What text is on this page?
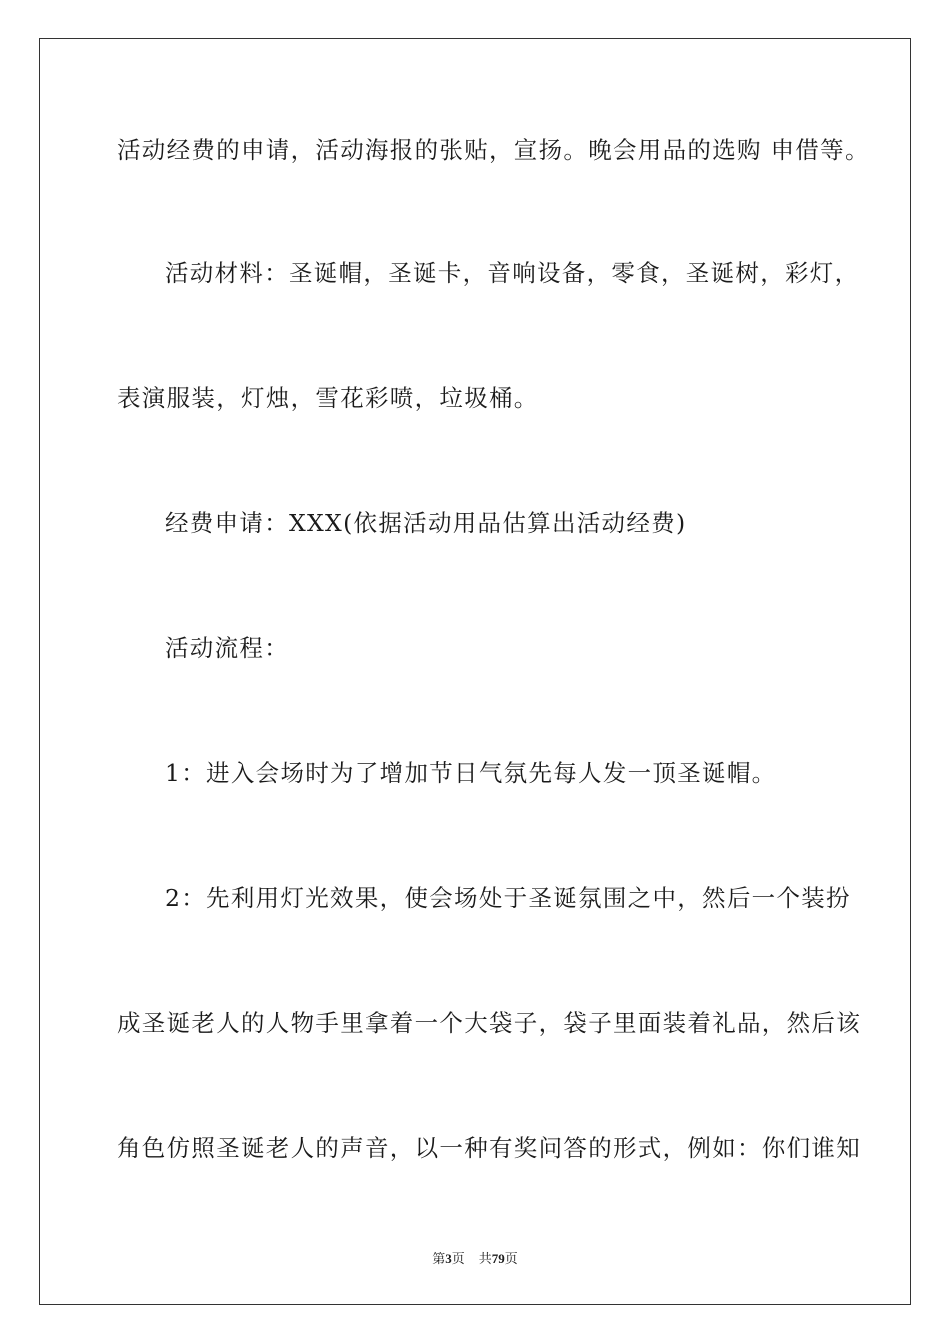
活动经费的申请，活动海报的张贴，宣扬。晚会用品的选购 申借等。
活动材料：圣诞帽，圣诞卡，音响设备，零食，圣诞树，彩灯，
表演服装，灯烛，雪花彩喷，垃圾桶。
经费申请：XXX(依据活动用品估算出活动经费)
活动流程：
1：进入会场时为了增加节日气氛先每人发一顶圣诞帽。
2：先利用灯光效果，使会场处于圣诞氛围之中，然后一个装扮
成圣诞老人的人物手里拿着一个大袋子，袋子里面装着礼品，然后该
角色仿照圣诞老人的声音，以一种有奖问答的形式，例如：你们谁知
第3页 共79页
